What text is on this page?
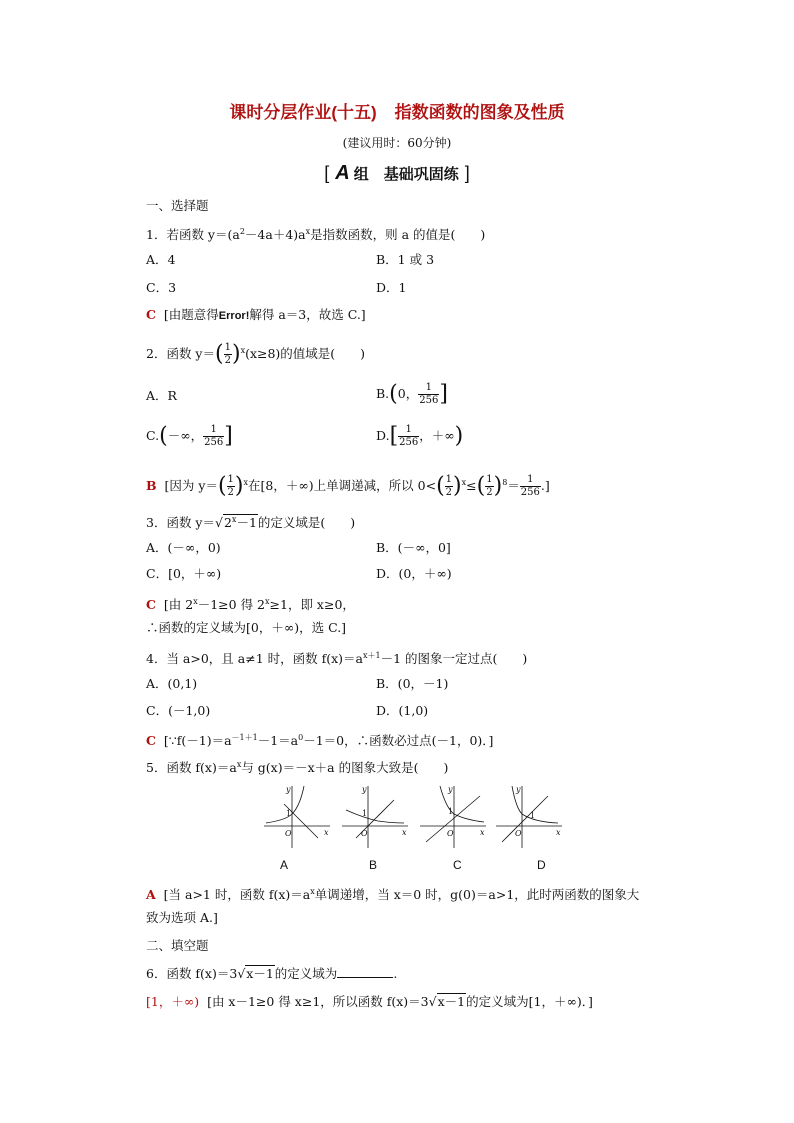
课时分层作业(十五) 指数函数的图象及性质
(建议用时：60分钟)
[ A 组　基础巩固练 ]
一、选择题
1．若函数 $y=(a^2-4a+4)a^x$是指数函数，则 a 的值是(　　)
A．4	B．1 或 3
C．3	D．1
C [由题意得Error!解得 a＝3，故选 C.]
2．函数 $y=( \frac{1}{2} )^x(x\ge 8)$的值域是(　　)
A．R	B.(0， $\frac{1}{256}$ ]
C.(－∞， $\frac{1}{256}$ ]	$D.[ \frac{1}{256}$ ，＋∞)
B [因为 $y=( \frac{1}{2} )^x$在[8，＋∞)上单调递减，所以 $0<( \frac{1}{2} )^x\le( \frac{1}{2} )^8= \frac{1}{256}$ .]
3．函数 $y=√2^x-1$的定义域是(　　)
A．(－∞，0)	B．(－∞，0]
C．[0，＋∞)	D．(0，＋∞)
C [由 $2^x-1\ge 0$ 得 $2^x\ge 1$，即 x≥0，
∴函数的定义域为[0，＋∞)，选 C.]
4．当 a>0，且 a≠1 时，函数 $f(x)=a^{x+1}-1$ 的图象一定过点(　　)
A．(0,1)	B．(0，－1)
C．(－1,0)	D．(1,0)
C [$\because f(-1)=a^{-1+1}-1=a^0-1=0$，∴函数必过点(－1，0)．]
5．函数 $f(x)=a^x$与 g(x)＝－x＋a 的图象大致是(　　)
y
x
O
1
y
x
O
1
y
x
O
1
y
x
O
1
A	B	C	D
A [当 a>1 时，函数 $f(x)=a^x$单调递增，当 x＝0 时，g(0)＝a>1，此时两函数的图象大
致为选项 A.]
二、填空题
6．函数 f(x)＝3√x－1的定义域为	.
[1，＋∞) [由 x－1≥0 得 x≥1，所以函数 f(x)＝3√x－1的定义域为[1，＋∞)．]
